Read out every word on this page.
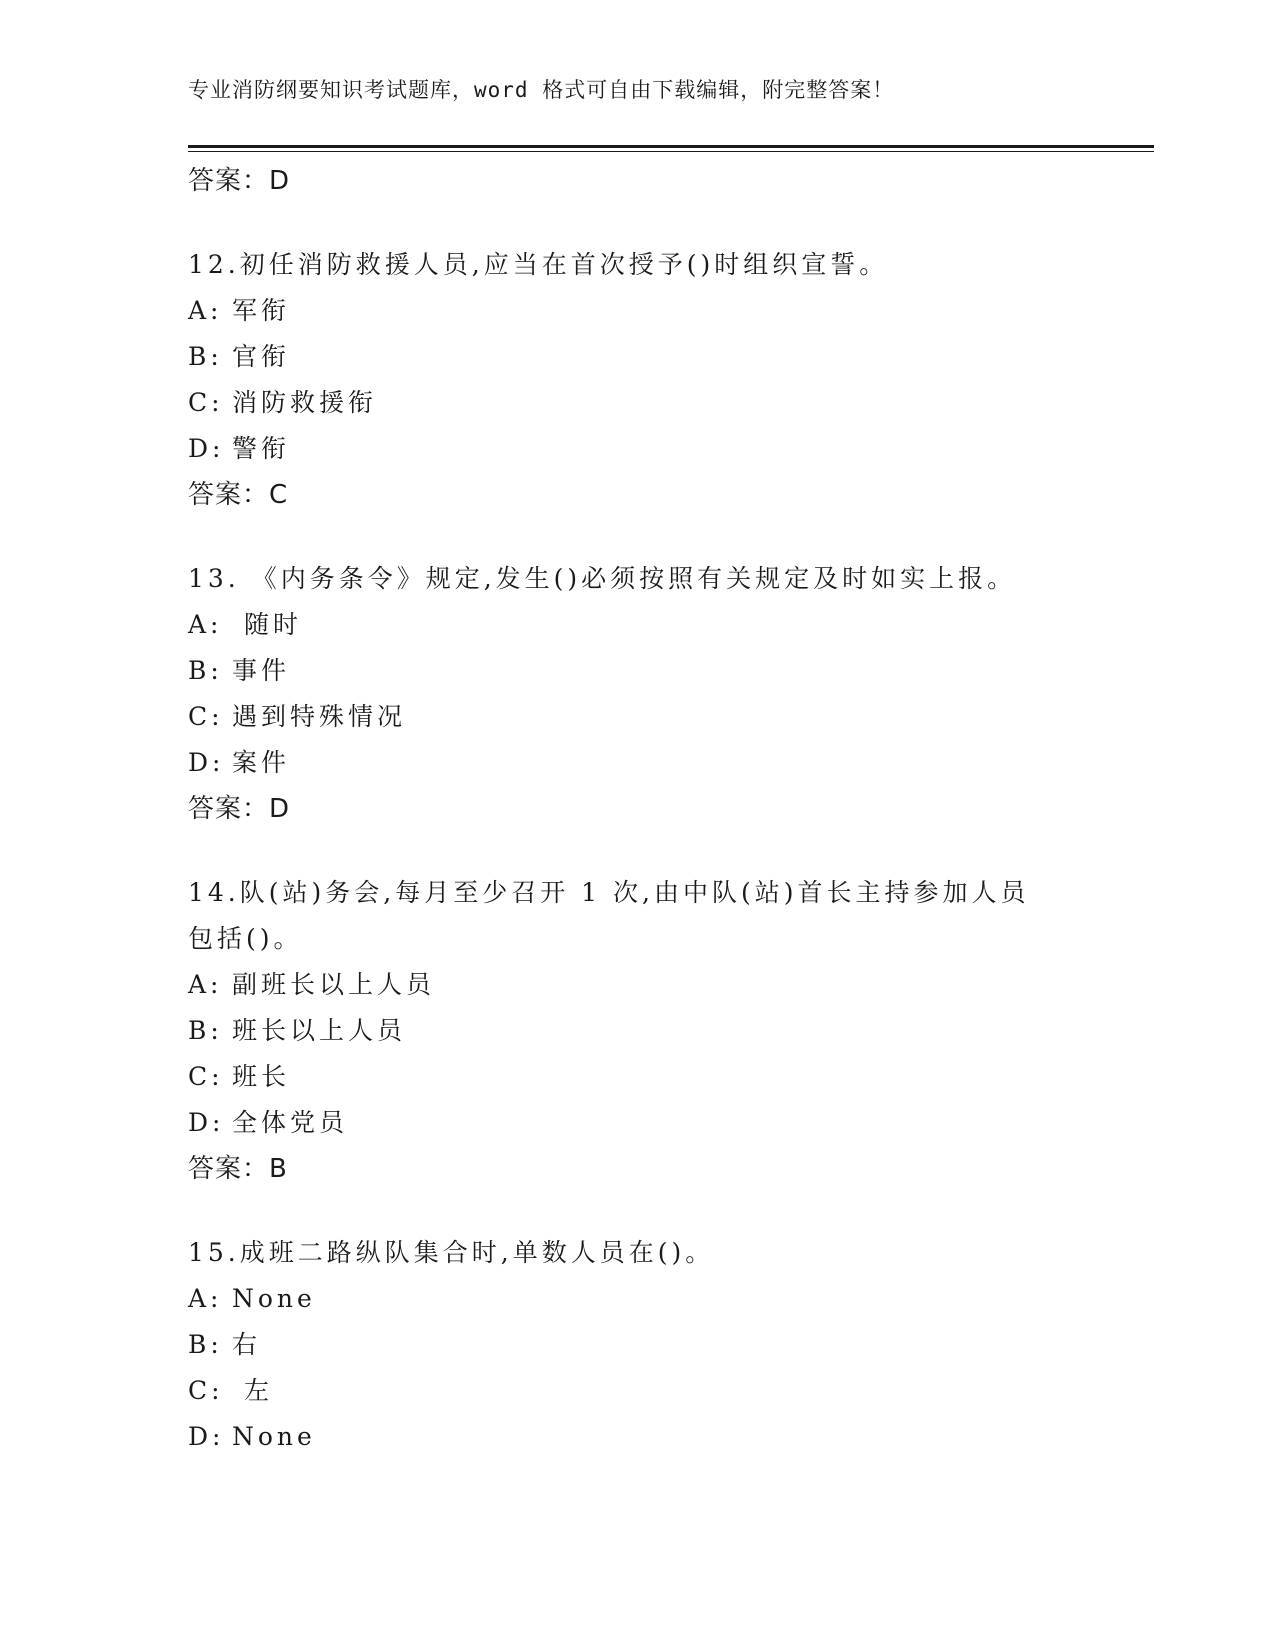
专业消防纲要知识考试题库，word 格式可自由下载编辑，附完整答案！
答案：D
12.初任消防救援人员,应当在首次授予()时组织宣誓。
A: 军衔
B: 官衔
C: 消防救援衔
D: 警衔
答案：C
13. 《内务条令》规定,发生()必须按照有关规定及时如实上报。
A: 随时
B: 事件
C: 遇到特殊情况
D: 案件
答案：D
14.队(站)务会,每月至少召开 1 次,由中队(站)首长主持参加人员包括()。
A: 副班长以上人员
B: 班长以上人员
C: 班长
D: 全体党员
答案：B
15.成班二路纵队集合时,单数人员在()。
A: None
B: 右
C: 左
D: None
